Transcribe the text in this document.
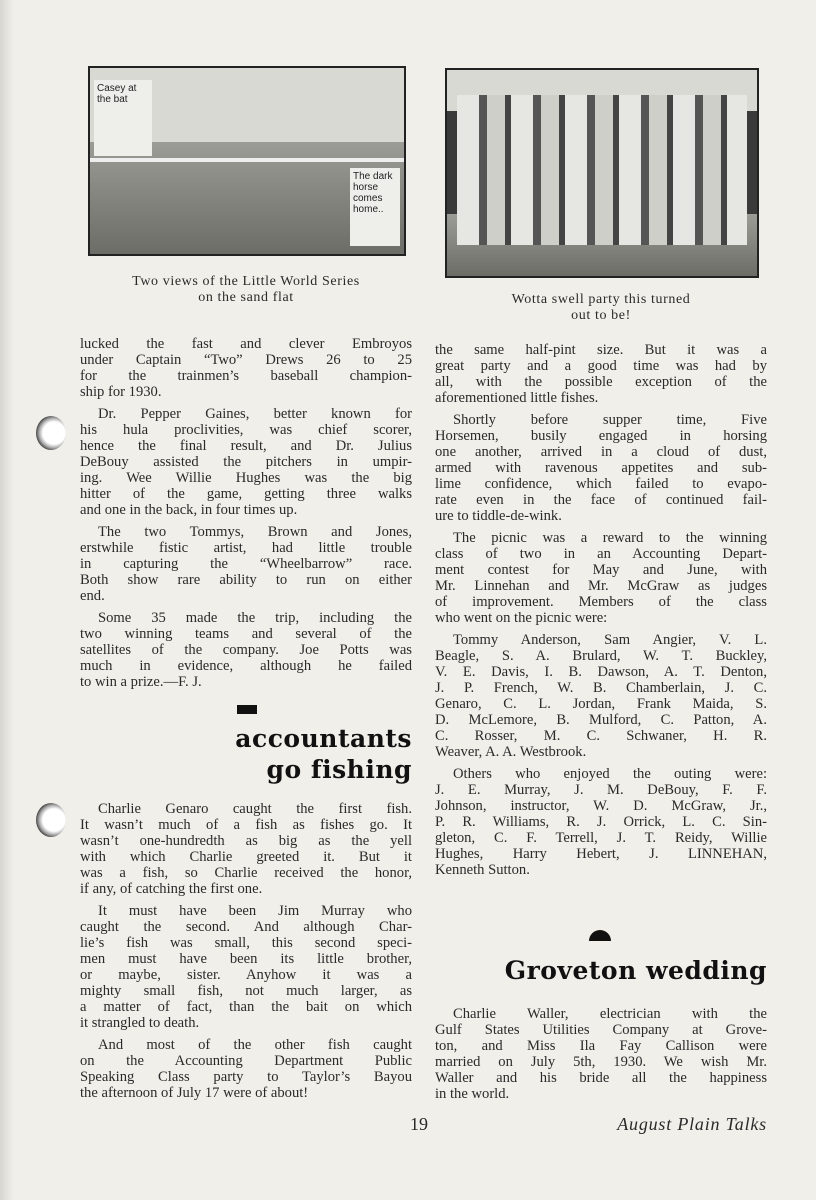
Casey at the bat
The dark horse comes home..
Two views of the Little World Series
on the sand flat	Wotta swell party this turned
out to be!
lucked the fast and clever Embroyos
under Captain “Two” Drews 26 to 25
for the trainmen’s baseball champion-
ship for 1930.
Dr. Pepper Gaines, better known for
his hula proclivities, was chief scorer,
hence the final result, and Dr. Julius
DeBouy assisted the pitchers in umpir-
ing. Wee Willie Hughes was the big
hitter of the game, getting three walks
and one in the back, in four times up.
The two Tommys, Brown and Jones,
erstwhile fistic artist, had little trouble
in capturing the “Wheelbarrow” race.
Both show rare ability to run on either
end.
Some 35 made the trip, including the
two winning teams and several of the
satellites of the company. Joe Potts was
much in evidence, although he failed
to win a prize.—F. J.
accountants
go fishing
Charlie Genaro caught the first fish.
It wasn’t much of a fish as fishes go. It
wasn’t one-hundredth as big as the yell
with which Charlie greeted it. But it
was a fish, so Charlie received the honor,
if any, of catching the first one.
It must have been Jim Murray who
caught the second. And although Char-
lie’s fish was small, this second speci-
men must have been its little brother,
or maybe, sister. Anyhow it was a
mighty small fish, not much larger, as
a matter of fact, than the bait on which
it strangled to death.
And most of the other fish caught
on the Accounting Department Public
Speaking Class party to Taylor’s Bayou
the afternoon of July 17 were of about!
the same half-pint size. But it was a
great party and a good time was had by
all, with the possible exception of the
aforementioned little fishes.
Shortly before supper time, Five
Horsemen, busily engaged in horsing
one another, arrived in a cloud of dust,
armed with ravenous appetites and sub-
lime confidence, which failed to evapo-
rate even in the face of continued fail-
ure to tiddle-de-wink.
The picnic was a reward to the winning
class of two in an Accounting Depart-
ment contest for May and June, with
Mr. Linnehan and Mr. McGraw as judges
of improvement. Members of the class
who went on the picnic were:
Tommy Anderson, Sam Angier, V. L.
Beagle, S. A. Brulard, W. T. Buckley,
V. E. Davis, I. B. Dawson, A. T. Denton,
J. P. French, W. B. Chamberlain, J. C.
Genaro, C. L. Jordan, Frank Maida, S.
D. McLemore, B. Mulford, C. Patton, A.
C. Rosser, M. C. Schwaner, H. R.
Weaver, A. A. Westbrook.
Others who enjoyed the outing were:
J. E. Murray, J. M. DeBouy, F. F.
Johnson, instructor, W. D. McGraw, Jr.,
P. R. Williams, R. J. Orrick, L. C. Sin-
gleton, C. F. Terrell, J. T. Reidy, Willie
Hughes, Harry Hebert, J. LINNEHAN,
Kenneth Sutton.
Groveton wedding
Charlie Waller, electrician with the
Gulf States Utilities Company at Grove-
ton, and Miss Ila Fay Callison were
married on July 5th, 1930. We wish Mr.
Waller and his bride all the happiness
in the world.
19	August Plain Talks
